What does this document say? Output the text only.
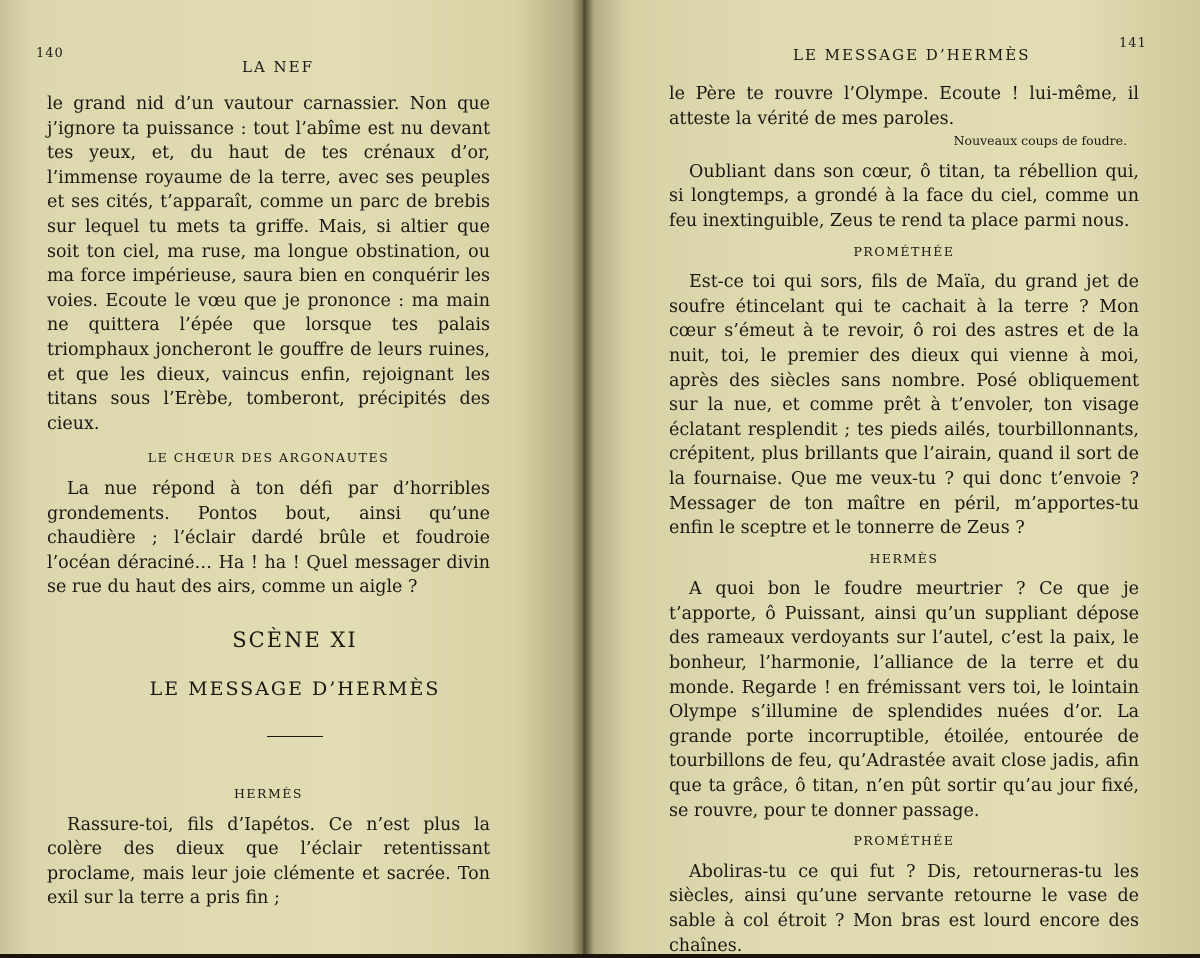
140
LA NEF

le grand nid d’un vautour carnassier. Non que j’ignore ta puissance : tout l’abîme est nu devant tes yeux, et, du haut de tes crénaux d’or, l’immense royaume de la terre, avec ses peuples et ses cités, t’apparaît, comme un parc de brebis sur lequel tu mets ta griffe. Mais, si altier que soit ton ciel, ma ruse, ma longue obstination, ou ma force impérieuse, saura bien en conquérir les voies. Ecoute le vœu que je prononce : ma main ne quittera l’épée que lorsque tes palais triomphaux joncheront le gouffre de leurs ruines, et que les dieux, vaincus enfin, rejoignant les titans sous l’Erèbe, tomberont, précipités des cieux.

LE CHŒUR DES ARGONAUTES

La nue répond à ton défi par d’horribles grondements. Pontos bout, ainsi qu’une chaudière ; l’éclair dardé brûle et foudroie l’océan déraciné… Ha ! ha ! Quel messager divin se rue du haut des airs, comme un aigle ?

SCÈNE XI
LE MESSAGE D’HERMÈS
HERMÈS

Rassure-toi, fils d’Iapétos. Ce n’est plus la colère des dieux que l’éclair retentissant proclame, mais leur joie clémente et sacrée. Ton exil sur la terre a pris fin ;

LE MESSAGE D’HERMÈS
141

le Père te rouvre l’Olympe. Ecoute ! lui-même, il atteste la vérité de mes paroles.

Nouveaux coups de foudre.

Oubliant dans son cœur, ô titan, ta rébellion qui, si longtemps, a grondé à la face du ciel, comme un feu inextinguible, Zeus te rend ta place parmi nous.

PROMÉTHÉE

Est-ce toi qui sors, fils de Maïa, du grand jet de soufre étincelant qui te cachait à la terre ? Mon cœur s’émeut à te revoir, ô roi des astres et de la nuit, toi, le premier des dieux qui vienne à moi, après des siècles sans nombre. Posé obliquement sur la nue, et comme prêt à t’envoler, ton visage éclatant resplendit ; tes pieds ailés, tourbillonnants, crépitent, plus brillants que l’airain, quand il sort de la fournaise. Que me veux-tu ? qui donc t’envoie ? Messager de ton maître en péril, m’apportes-tu enfin le sceptre et le tonnerre de Zeus ?

HERMÈS

A quoi bon le foudre meurtrier ? Ce que je t’apporte, ô Puissant, ainsi qu’un suppliant dépose des rameaux verdoyants sur l’autel, c’est la paix, le bonheur, l’harmonie, l’alliance de la terre et du monde. Regarde ! en frémissant vers toi, le lointain Olympe s’illumine de splendides nuées d’or. La grande porte incorruptible, étoilée, entourée de tourbillons de feu, qu’Adrastée avait close jadis, afin que ta grâce, ô titan, n’en pût sortir qu’au jour fixé, se rouvre, pour te donner passage.

PROMÉTHÉE

Aboliras-tu ce qui fut ? Dis, retourneras-tu les siècles, ainsi qu’une servante retourne le vase de sable à col étroit ? Mon bras est lourd encore des chaînes.
